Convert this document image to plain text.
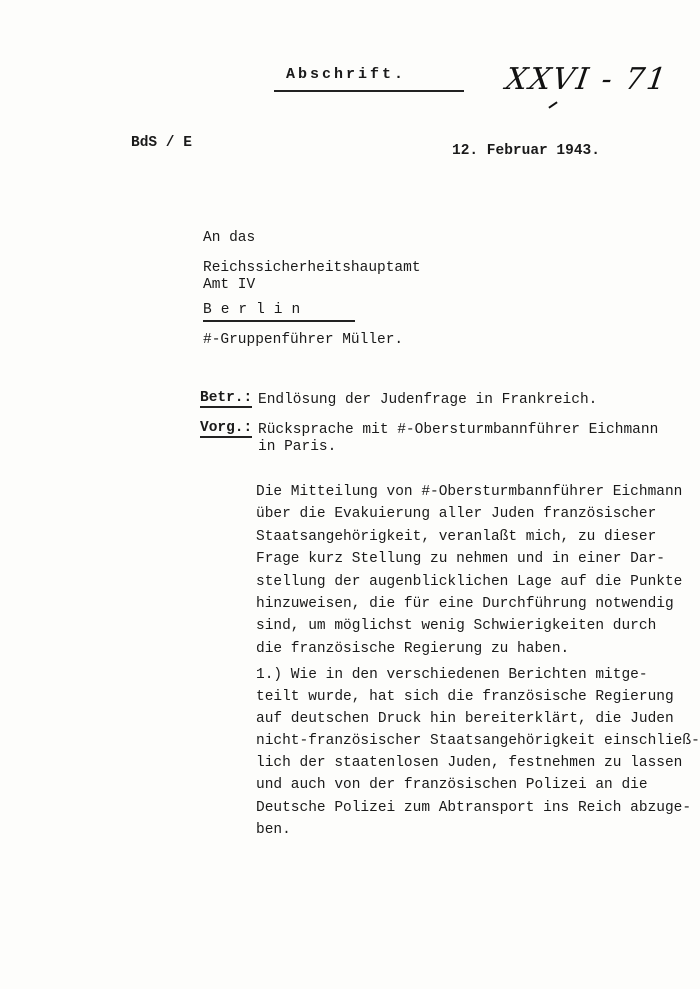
Abschrift.	XXVI - 71

BdS / E	12. Februar 1943.

An das

Reichssicherheitshauptamt

Amt IV

Berlin

#-Gruppenführer Müller.

Betr.: Endlösung der Judenfrage in Frankreich.

Vorg.: Rücksprache mit #-Obersturmbannführer Eichmann

in Paris.

Die Mitteilung von #-Obersturmbannführer Eichmann
über die Evakuierung aller Juden französischer
Staatsangehörigkeit, veranlaßt mich, zu dieser
Frage kurz Stellung zu nehmen und in einer Dar-
stellung der augenblicklichen Lage auf die Punkte
hinzuweisen, die für eine Durchführung notwendig
sind, um möglichst wenig Schwierigkeiten durch
die französische Regierung zu haben.
1.) Wie in den verschiedenen Berichten mitge-
teilt wurde, hat sich die französische Regierung
auf deutschen Druck hin bereiterklärt, die Juden
nicht-französischer Staatsangehörigkeit einschließ-
lich der staatenlosen Juden, festnehmen zu lassen
und auch von der französischen Polizei an die
Deutsche Polizei zum Abtransport ins Reich abzuge-
ben.
